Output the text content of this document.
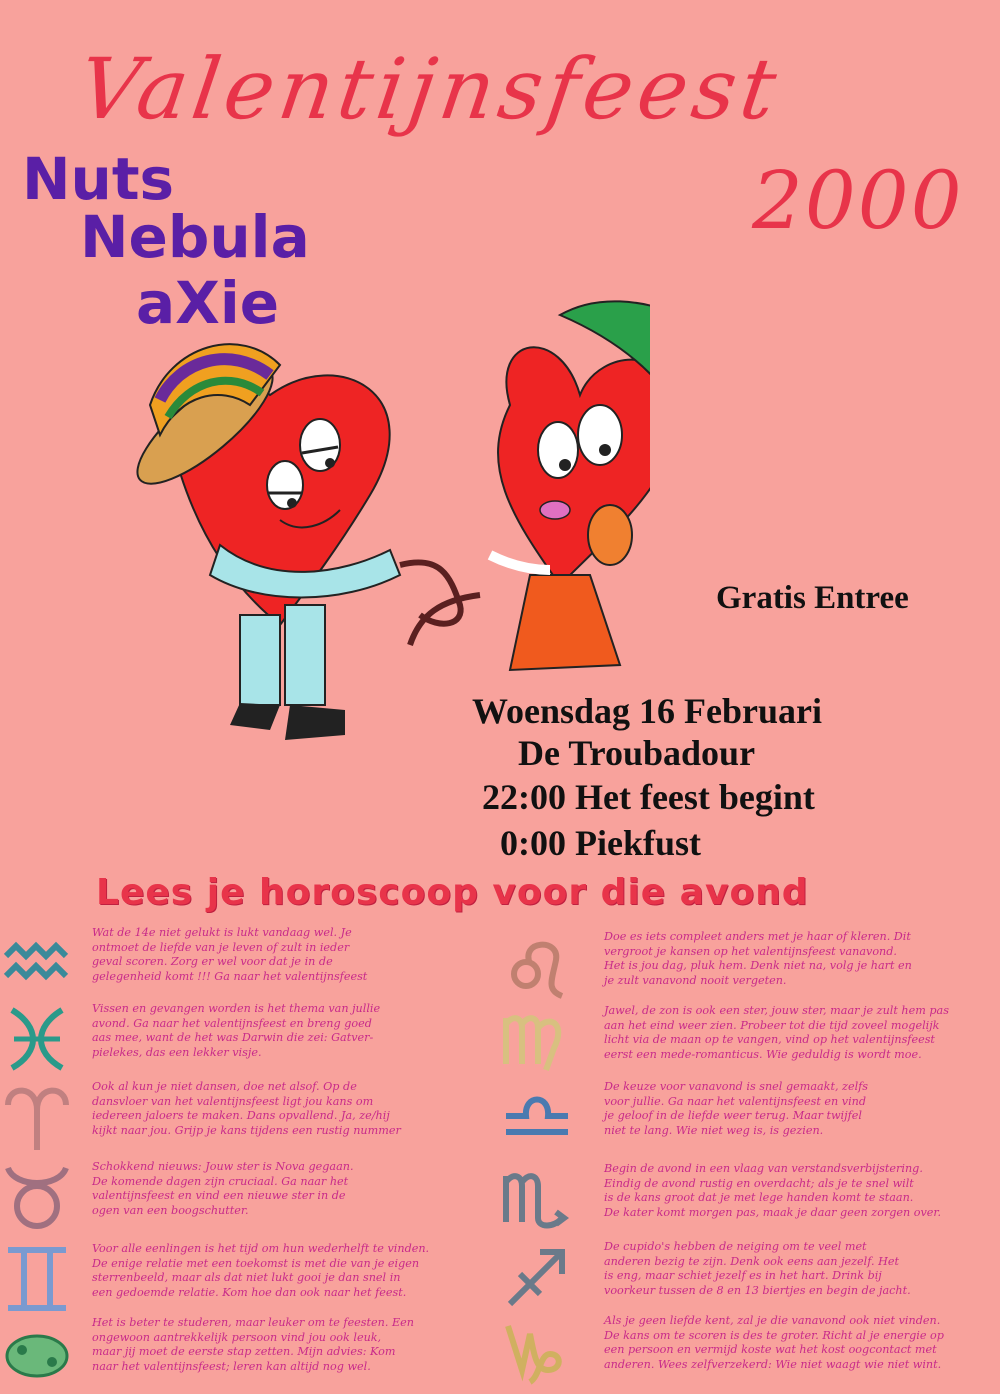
Valentijnsfeest
2000
Nuts
Nebula
aXie
Gratis Entree
Woensdag 16 Februari
De Troubadour
22:00 Het feest begint
0:00 Piekfust
Lees je horoscoop voor die avond
Wat de 14e niet gelukt is lukt vandaag wel. Je
ontmoet de liefde van je leven of zult in ieder
geval scoren. Zorg er wel voor dat je in de
gelegenheid komt !!! Ga naar het valentijnsfeest
Vissen en gevangen worden is het thema van jullie
avond. Ga naar het valentijnsfeest en breng goed
aas mee, want de het was Darwin die zei: Gatver-
pielekes, das een lekker visje.
Ook al kun je niet dansen, doe net alsof. Op de
dansvloer van het valentijnsfeest ligt jou kans om
iedereen jaloers te maken. Dans opvallend. Ja, ze/hij
kijkt naar jou. Grijp je kans tijdens een rustig nummer
Schokkend nieuws: Jouw ster is Nova gegaan.
De komende dagen zijn cruciaal. Ga naar het
valentijnsfeest en vind een nieuwe ster in de
ogen van een boogschutter.
Voor alle eenlingen is het tijd om hun wederhelft te vinden.
De enige relatie met een toekomst is met die van je eigen
sterrenbeeld, maar als dat niet lukt gooi je dan snel in
een gedoemde relatie. Kom hoe dan ook naar het feest.
Het is beter te studeren, maar leuker om te feesten. Een
ongewoon aantrekkelijk persoon vind jou ook leuk,
maar jij moet de eerste stap zetten. Mijn advies: Kom
naar het valentijnsfeest; leren kan altijd nog wel.
Doe es iets compleet anders met je haar of kleren. Dit
vergroot je kansen op het valentijnsfeest vanavond.
Het is jou dag, pluk hem. Denk niet na, volg je hart en
je zult vanavond nooit vergeten.
Jawel, de zon is ook een ster, jouw ster, maar je zult hem pas
aan het eind weer zien. Probeer tot die tijd zoveel mogelijk
licht via de maan op te vangen, vind op het valentijnsfeest
eerst een mede-romanticus. Wie geduldig is wordt moe.
De keuze voor vanavond is snel gemaakt, zelfs
voor jullie. Ga naar het valentijnsfeest en vind
je geloof in de liefde weer terug. Maar twijfel
niet te lang. Wie niet weg is, is gezien.
Begin de avond in een vlaag van verstandsverbijstering.
Eindig de avond rustig en overdacht; als je te snel wilt
is de kans groot dat je met lege handen komt te staan.
De kater komt morgen pas, maak je daar geen zorgen over.
De cupido's hebben de neiging om te veel met
anderen bezig te zijn. Denk ook eens aan jezelf. Het
is eng, maar schiet jezelf es in het hart. Drink bij
voorkeur tussen de 8 en 13 biertjes en begin de jacht.
Als je geen liefde kent, zal je die vanavond ook niet vinden.
De kans om te scoren is des te groter. Richt al je energie op
een persoon en vermijd koste wat het kost oogcontact met
anderen. Wees zelfverzekerd: Wie niet waagt wie niet wint.
